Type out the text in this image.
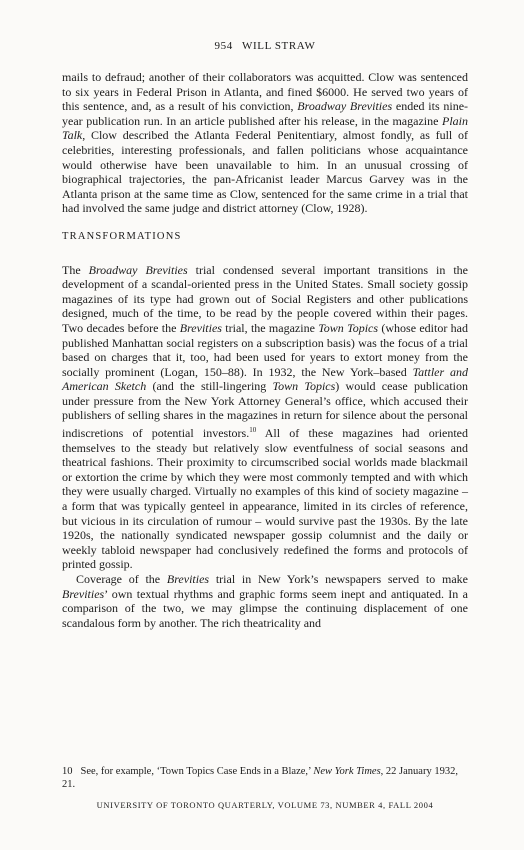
954 WILL STRAW

mails to defraud; another of their collaborators was acquitted. Clow was sentenced to six years in Federal Prison in Atlanta, and fined $6000. He served two years of this sentence, and, as a result of his conviction, Broadway Brevities ended its nine-year publication run. In an article published after his release, in the magazine Plain Talk, Clow described the Atlanta Federal Penitentiary, almost fondly, as full of celebrities, interesting professionals, and fallen politicians whose acquaintance would otherwise have been unavailable to him. In an unusual crossing of biographical trajectories, the pan-Africanist leader Marcus Garvey was in the Atlanta prison at the same time as Clow, sentenced for the same crime in a trial that had involved the same judge and district attorney (Clow, 1928).

TRANSFORMATIONS

The Broadway Brevities trial condensed several important transitions in the development of a scandal-oriented press in the United States. Small society gossip magazines of its type had grown out of Social Registers and other publications designed, much of the time, to be read by the people covered within their pages. Two decades before the Brevities trial, the magazine Town Topics (whose editor had published Manhattan social registers on a subscription basis) was the focus of a trial based on charges that it, too, had been used for years to extort money from the socially prominent (Logan, 150–88). In 1932, the New York–based Tattler and American Sketch (and the still-lingering Town Topics) would cease publication under pressure from the New York Attorney General’s office, which accused their publishers of selling shares in the magazines in return for silence about the personal indiscretions of potential investors.$^{10}$ All of these magazines had oriented themselves to the steady but relatively slow eventfulness of social seasons and theatrical fashions. Their proximity to circumscribed social worlds made blackmail or extortion the crime by which they were most commonly tempted and with which they were usually charged. Virtually no examples of this kind of society magazine – a form that was typically genteel in appearance, limited in its circles of reference, but vicious in its circulation of rumour – would survive past the 1930s. By the late 1920s, the nationally syndicated newspaper gossip columnist and the daily or weekly tabloid newspaper had conclusively redefined the forms and protocols of printed gossip.

Coverage of the Brevities trial in New York’s newspapers served to make Brevities’ own textual rhythms and graphic forms seem inept and antiquated. In a comparison of the two, we may glimpse the continuing displacement of one scandalous form by another. The rich theatricality and

10 See, for example, ‘Town Topics Case Ends in a Blaze,’ New York Times, 22 January 1932, 21.
UNIVERSITY OF TORONTO QUARTERLY, VOLUME 73, NUMBER 4, FALL 2004
